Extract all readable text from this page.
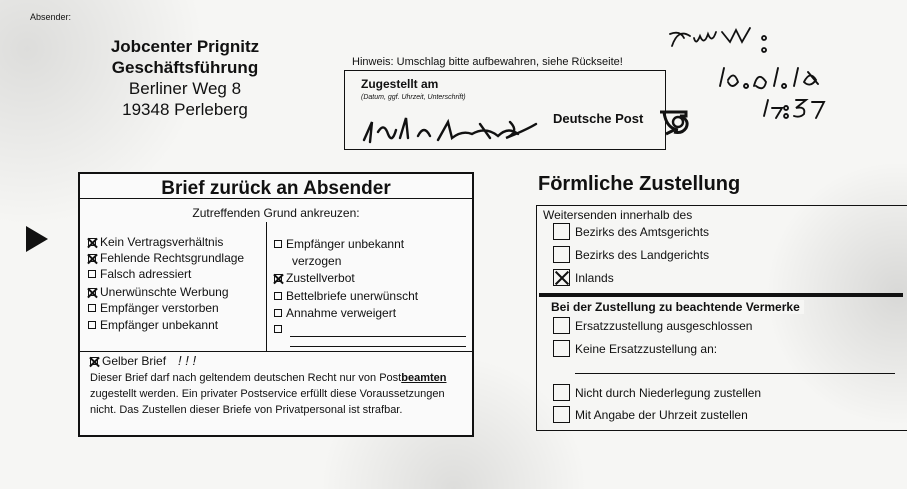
Absender:
Jobcenter Prignitz
Geschäftsführung
Berliner Weg 8
19348 Perleberg
Hinweis: Umschlag bitte aufbewahren, siehe Rückseite!
Zugestellt am
(Datum, ggf. Uhrzeit, Unterschrift)
Deutsche Post
Brief zurück an Absender
Zutreffenden Grund ankreuzen:
Kein Vertragsverhältnis
Fehlende Rechtsgrundlage
Falsch adressiert
Unerwünschte Werbung
Empfänger verstorben
Empfänger unbekannt
Empfänger unbekannt
verzogen
Zustellverbot
Bettelbriefe unerwünscht
Annahme verweigert
Gelber Brief ! ! !
Dieser Brief darf nach geltendem deutschen Recht nur von Postbeamten zugestellt werden. Ein privater Postservice erfüllt diese Voraussetzungen nicht. Das Zustellen dieser Briefe von Privatpersonal ist strafbar.
Förmliche Zustellung
Weitersenden innerhalb des
Bezirks des Amtsgerichts
Bezirks des Landgerichts
Inlands
Bei der Zustellung zu beachtende Vermerke
Ersatzzustellung ausgeschlossen
Keine Ersatzzustellung an:
Nicht durch Niederlegung zustellen
Mit Angabe der Uhrzeit zustellen
